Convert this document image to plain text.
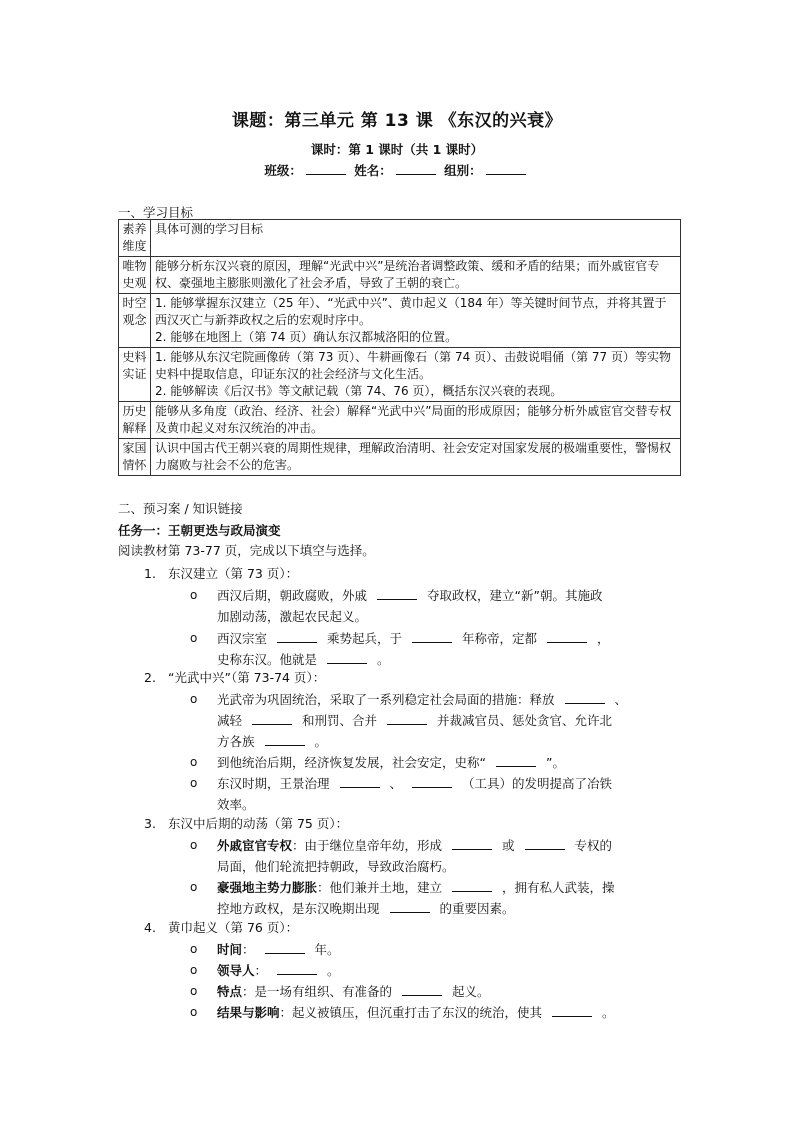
课题：第三单元 第 13 课 《东汉的兴衰》
课时：第 1 课时（共 1 课时）
班级：	姓名：	组别：
一、学习目标
素养维度	具体可测的学习目标
唯物史观	能够分析东汉兴衰的原因，理解“光武中兴”是统治者调整政策、缓和矛盾的结果；而外戚宦官专权、豪强地主膨胀则激化了社会矛盾，导致了王朝的衰亡。
时空观念	1. 能够掌握东汉建立（25 年）、“光武中兴”、黄巾起义（184 年）等关键时间节点，并将其置于西汉灭亡与新莽政权之后的宏观时序中。
2. 能够在地图上（第 74 页）确认东汉都城洛阳的位置。

史料实证	1. 能够从东汉宅院画像砖（第 73 页）、牛耕画像石（第 74 页）、击鼓说唱俑（第 77 页）等实物史料中提取信息，印证东汉的社会经济与文化生活。
2. 能够解读《后汉书》等文献记载（第 74、76 页），概括东汉兴衰的表现。

历史解释	能够从多角度（政治、经济、社会）解释“光武中兴”局面的形成原因；能够分析外戚宦官交替专权及黄巾起义对东汉统治的冲击。
家国情怀	认识中国古代王朝兴衰的周期性规律，理解政治清明、社会安定对国家发展的极端重要性，警惕权力腐败与社会不公的危害。
二、预习案 / 知识链接
任务一：王朝更迭与政局演变
阅读教材第 73-77 页，完成以下填空与选择。
1. 东汉建立（第 73 页）：
o	西汉后期，朝政腐败，外戚	夺取政权，建立“新”朝。其施政
加剧动荡，激起农民起义。
o	西汉宗室	乘势起兵，于	年称帝，定都	，
史称东汉。他就是	。
2. “光武中兴”（第 73-74 页）：
o	光武帝为巩固统治，采取了一系列稳定社会局面的措施：释放	、
减轻	和刑罚、合并	并裁减官员、惩处贪官、允许北
方各族	。
o	到他统治后期，经济恢复发展，社会安定，史称“	”。
o	东汉时期，王景治理	、	（工具）的发明提高了冶铁
效率。
3. 东汉中后期的动荡（第 75 页）：
o	外戚宦官专权：由于继位皇帝年幼，形成	或	专权的
局面，他们轮流把持朝政，导致政治腐朽。
o	豪强地主势力膨胀：他们兼并土地，建立	，拥有私人武装，操
控地方政权，是东汉晚期出现	的重要因素。
4. 黄巾起义（第 76 页）：
o	时间：	年。
o	领导人：	。
o	特点：是一场有组织、有准备的	起义。
o	结果与影响：起义被镇压，但沉重打击了东汉的统治，使其	。
